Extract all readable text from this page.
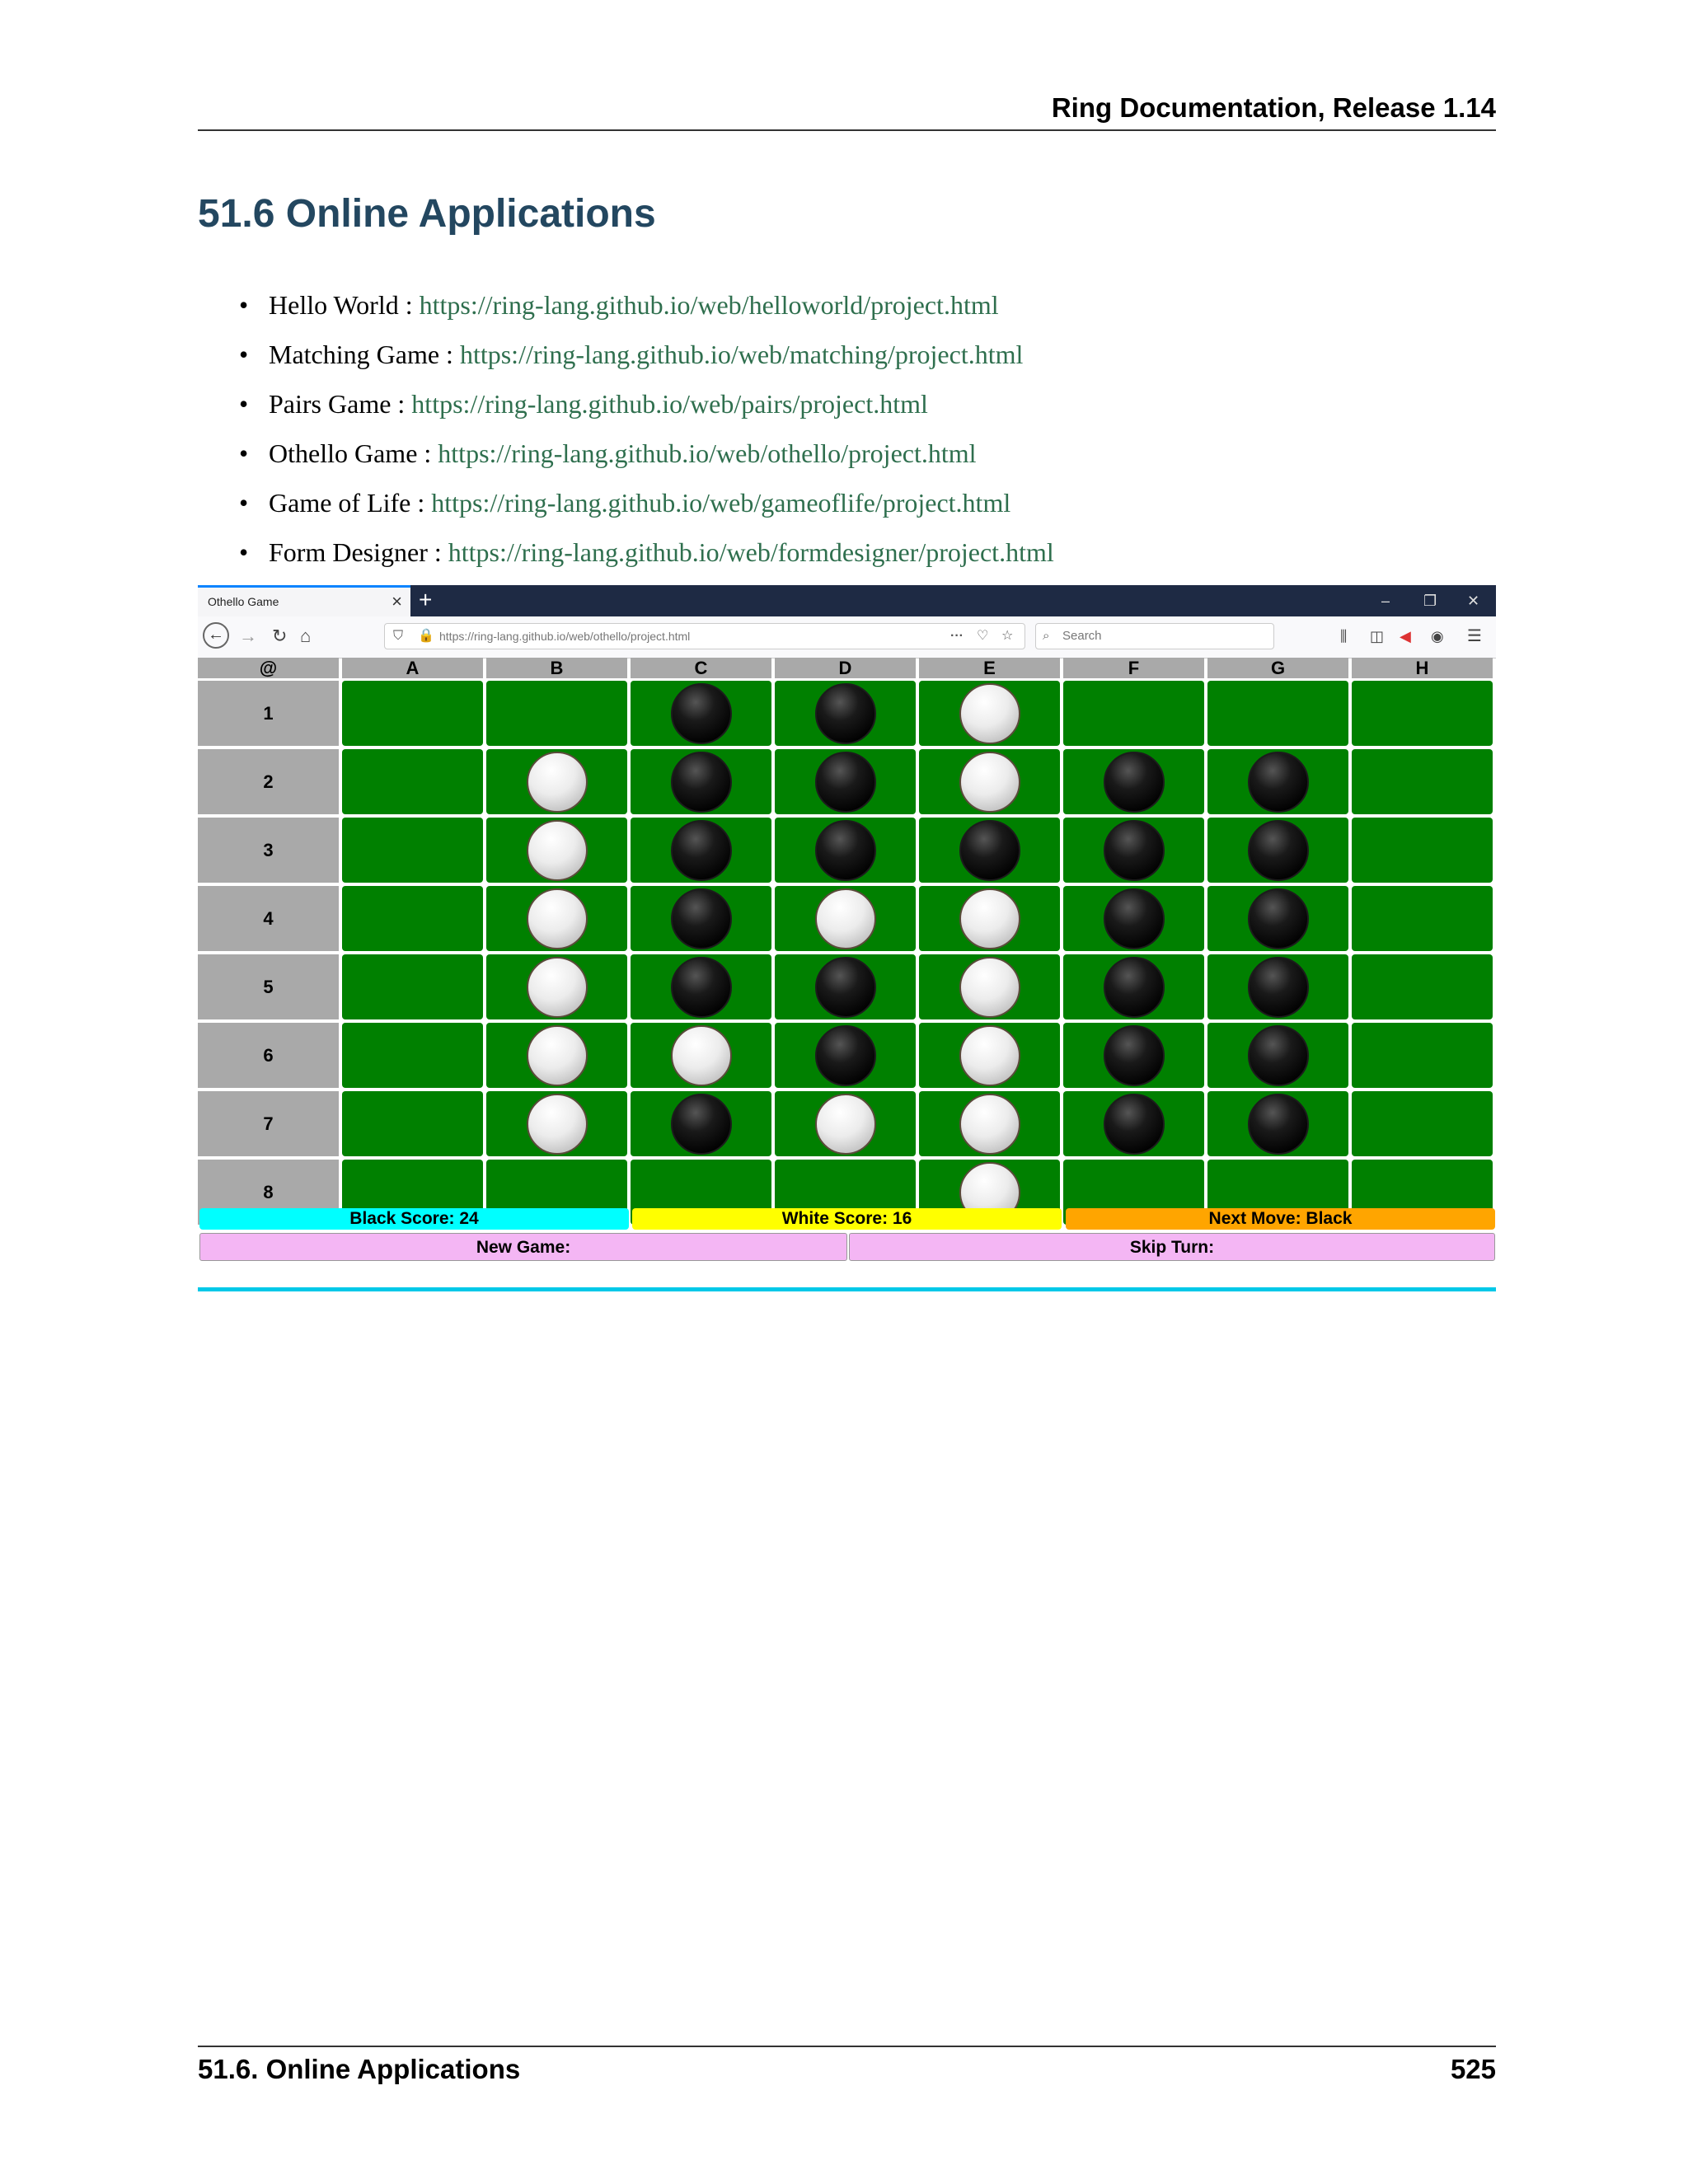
Ring Documentation, Release 1.14
51.6 Online Applications
• Hello World : https://ring-lang.github.io/web/helloworld/project.html
• Matching Game : https://ring-lang.github.io/web/matching/project.html
• Pairs Game : https://ring-lang.github.io/web/pairs/project.html
• Othello Game : https://ring-lang.github.io/web/othello/project.html
• Game of Life : https://ring-lang.github.io/web/gameoflife/project.html
• Form Designer : https://ring-lang.github.io/web/formdesigner/project.html
Othello Game	× +	– ❐ ✕
← → ↻ ⌂	⛉ 🔒 https://ring-lang.github.io/web/othello/project.html	··· ♡ ☆ ⌕ Search	⫼ ◫ ◀ ◉ ☰
@	A	B	C	D	E	F	G	H
1
2
3
4
5
6
7
8
Black Score: 24	White Score: 16	Next Move: Black
New Game:	Skip Turn:
51.6. Online Applications	525
